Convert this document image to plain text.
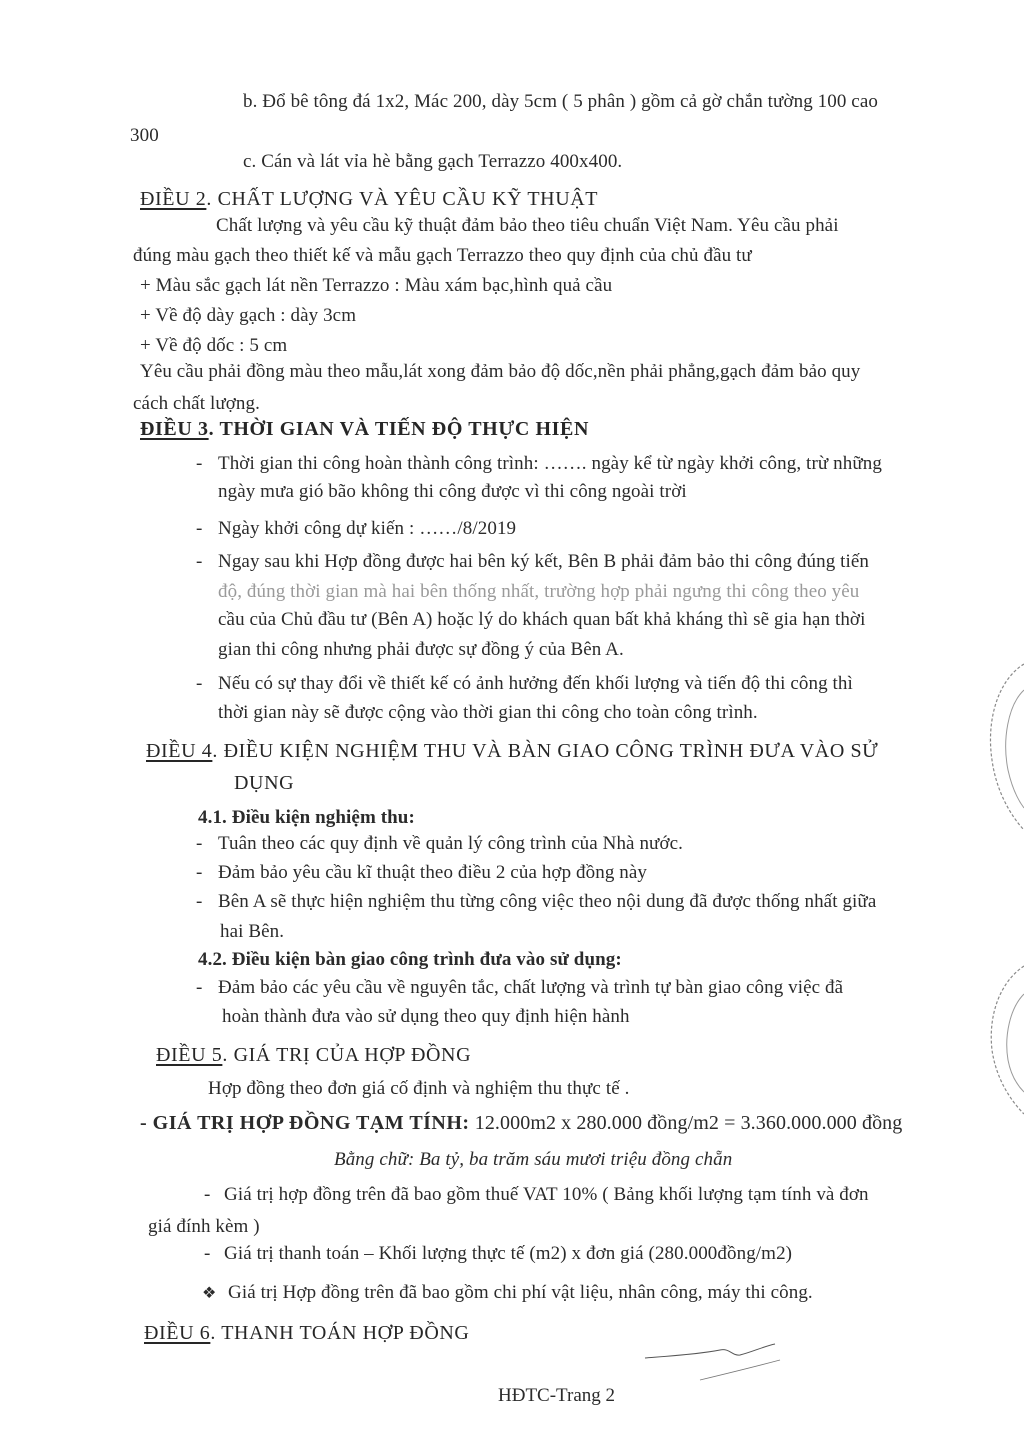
b. Đổ bê tông đá 1x2, Mác 200, dày 5cm ( 5 phân ) gồm cả gờ chắn tường 100 cao
300
c. Cán và lát vỉa hè bằng gạch Terrazzo 400x400.
ĐIỀU 2. CHẤT LƯỢNG VÀ YÊU CẦU KỸ THUẬT
Chất lượng và yêu cầu kỹ thuật đảm bảo theo tiêu chuẩn Việt Nam. Yêu cầu phải
đúng màu gạch theo thiết kế và mẫu gạch Terrazzo theo quy định của chủ đầu tư
+ Màu sắc gạch lát nền Terrazzo : Màu xám bạc,hình quả cầu
+ Về độ dày gạch : dày 3cm
+ Về độ dốc : 5 cm
Yêu cầu phải đồng màu theo mẫu,lát xong đảm bảo độ dốc,nền phải phẳng,gạch đảm bảo quy
cách chất lượng.
ĐIỀU 3. THỜI GIAN VÀ TIẾN ĐỘ THỰC HIỆN
- Thời gian thi công hoàn thành công trình: ……. ngày kể từ ngày khởi công, trừ những
ngày mưa gió bão không thi công được vì thi công ngoài trời
- Ngày khởi công dự kiến : ……/8/2019
- Ngay sau khi Hợp đồng được hai bên ký kết, Bên B phải đảm bảo thi công đúng tiến
độ, đúng thời gian mà hai bên thống nhất, trường hợp phải ngưng thi công theo yêu
cầu của Chủ đầu tư (Bên A) hoặc lý do khách quan bất khả kháng thì sẽ gia hạn thời
gian thi công nhưng phải được sự đồng ý của Bên A.
- Nếu có sự thay đổi về thiết kế có ảnh hưởng đến khối lượng và tiến độ thi công thì
thời gian này sẽ được cộng vào thời gian thi công cho toàn công trình.
ĐIỀU 4. ĐIỀU KIỆN NGHIỆM THU VÀ BÀN GIAO CÔNG TRÌNH ĐƯA VÀO SỬ
DỤNG
4.1. Điều kiện nghiệm thu:
- Tuân theo các quy định về quản lý công trình của Nhà nước.
- Đảm bảo yêu cầu kĩ thuật theo điều 2 của hợp đồng này
- Bên A sẽ thực hiện nghiệm thu từng công việc theo nội dung đã được thống nhất giữa
hai Bên.
4.2. Điều kiện bàn giao công trình đưa vào sử dụng:
- Đảm bảo các yêu cầu về nguyên tắc, chất lượng và trình tự bàn giao công việc đã
hoàn thành đưa vào sử dụng theo quy định hiện hành
ĐIỀU 5. GIÁ TRỊ CỦA HỢP ĐỒNG
Hợp đồng theo đơn giá cố định và nghiệm thu thực tế .
- GIÁ TRỊ HỢP ĐỒNG TẠM TÍNH: 12.000m2 x 280.000 đồng/m2 = 3.360.000.000 đồng
Bằng chữ: Ba tỷ, ba trăm sáu mươi triệu đồng chẵn
- Giá trị hợp đồng trên đã bao gồm thuế VAT 10% ( Bảng khối lượng tạm tính và đơn
giá đính kèm )
- Giá trị thanh toán – Khối lượng thực tế (m2) x đơn giá (280.000đồng/m2)
❖ Giá trị Hợp đồng trên đã bao gồm chi phí vật liệu, nhân công, máy thi công.
ĐIỀU 6. THANH TOÁN HỢP ĐỒNG
HĐTC-Trang 2
